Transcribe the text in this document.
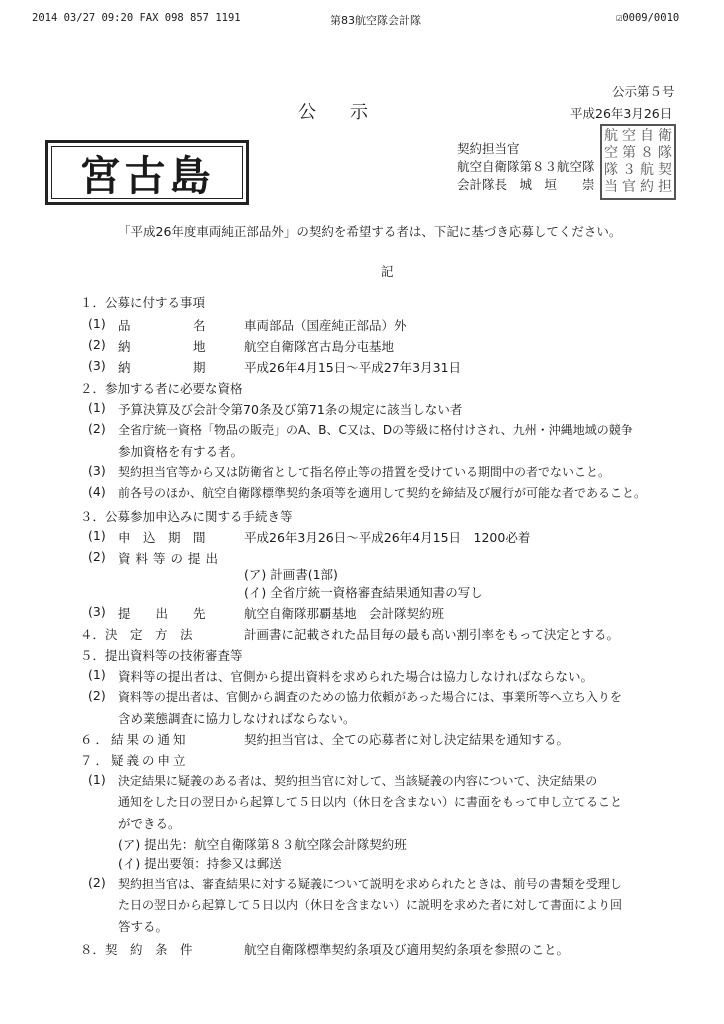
2014 03/27 09:20 FAX 098 857 1191	第83航空隊会計隊	☑0009/0010
公示第５号
平成26年3月26日
公示
宮古島
契約担当官
航空自衛隊第８３航空隊
会計隊長　城　垣　　崇
航 空 自 衛
空 第 ８ 隊
隊 ３ 航 契
当 官 約 担
「平成26年度車両純正部品外」の契約を希望する者は、下記に基づき応募してください。
記
１．公募に付する事項
(1) 品　　　　　名	車両部品（国産純正部品）外
(2) 納　　　　　地	航空自衛隊宮古島分屯基地
(3) 納　　　　　期	平成26年4月15日～平成27年3月31日
２．参加する者に必要な資格
(1) 予算決算及び会計令第70条及び第71条の規定に該当しない者
(2) 全省庁統一資格「物品の販売」のA、B、C又は、Dの等級に格付けされ、九州・沖縄地域の競争
参加資格を有する者。
(3) 契約担当官等から又は防衛省として指名停止等の措置を受けている期間中の者でないこと。
(4) 前各号のほか、航空自衛隊標準契約条項等を適用して契約を締結及び履行が可能な者であること。
３．公募参加申込みに関する手続き等
(1) 申　込　期　間	平成26年3月26日～平成26年4月15日　1200必着
(2) 資料等の提出
(ア) 計画書(1部)
(イ) 全省庁統一資格審査結果通知書の写し
(3) 提　　出　　先	航空自衛隊那覇基地　会計隊契約班
４．決　定　方　法	計画書に記載された品目毎の最も高い割引率をもって決定とする。
５．提出資料等の技術審査等
(1) 資料等の提出者は、官側から提出資料を求められた場合は協力しなければならない。
(2) 資料等の提出者は、官側から調査のための協力依頼があった場合には、事業所等へ立ち入りを
含め業態調査に協力しなければならない。
６．結果の通知	契約担当官は、全ての応募者に対し決定結果を通知する。
７．疑義の申立
(1) 決定結果に疑義のある者は、契約担当官に対して、当該疑義の内容について、決定結果の
通知をした日の翌日から起算して５日以内（休日を含まない）に書面をもって申し立てること
ができる。
(ア) 提出先：航空自衛隊第８３航空隊会計隊契約班
(イ) 提出要領：持参又は郵送
(2) 契約担当官は、審査結果に対する疑義について説明を求められたときは、前号の書類を受理し
た日の翌日から起算して５日以内（休日を含まない）に説明を求めた者に対して書面により回
答する。
８．契　約　条　件	航空自衛隊標準契約条項及び適用契約条項を参照のこと。
